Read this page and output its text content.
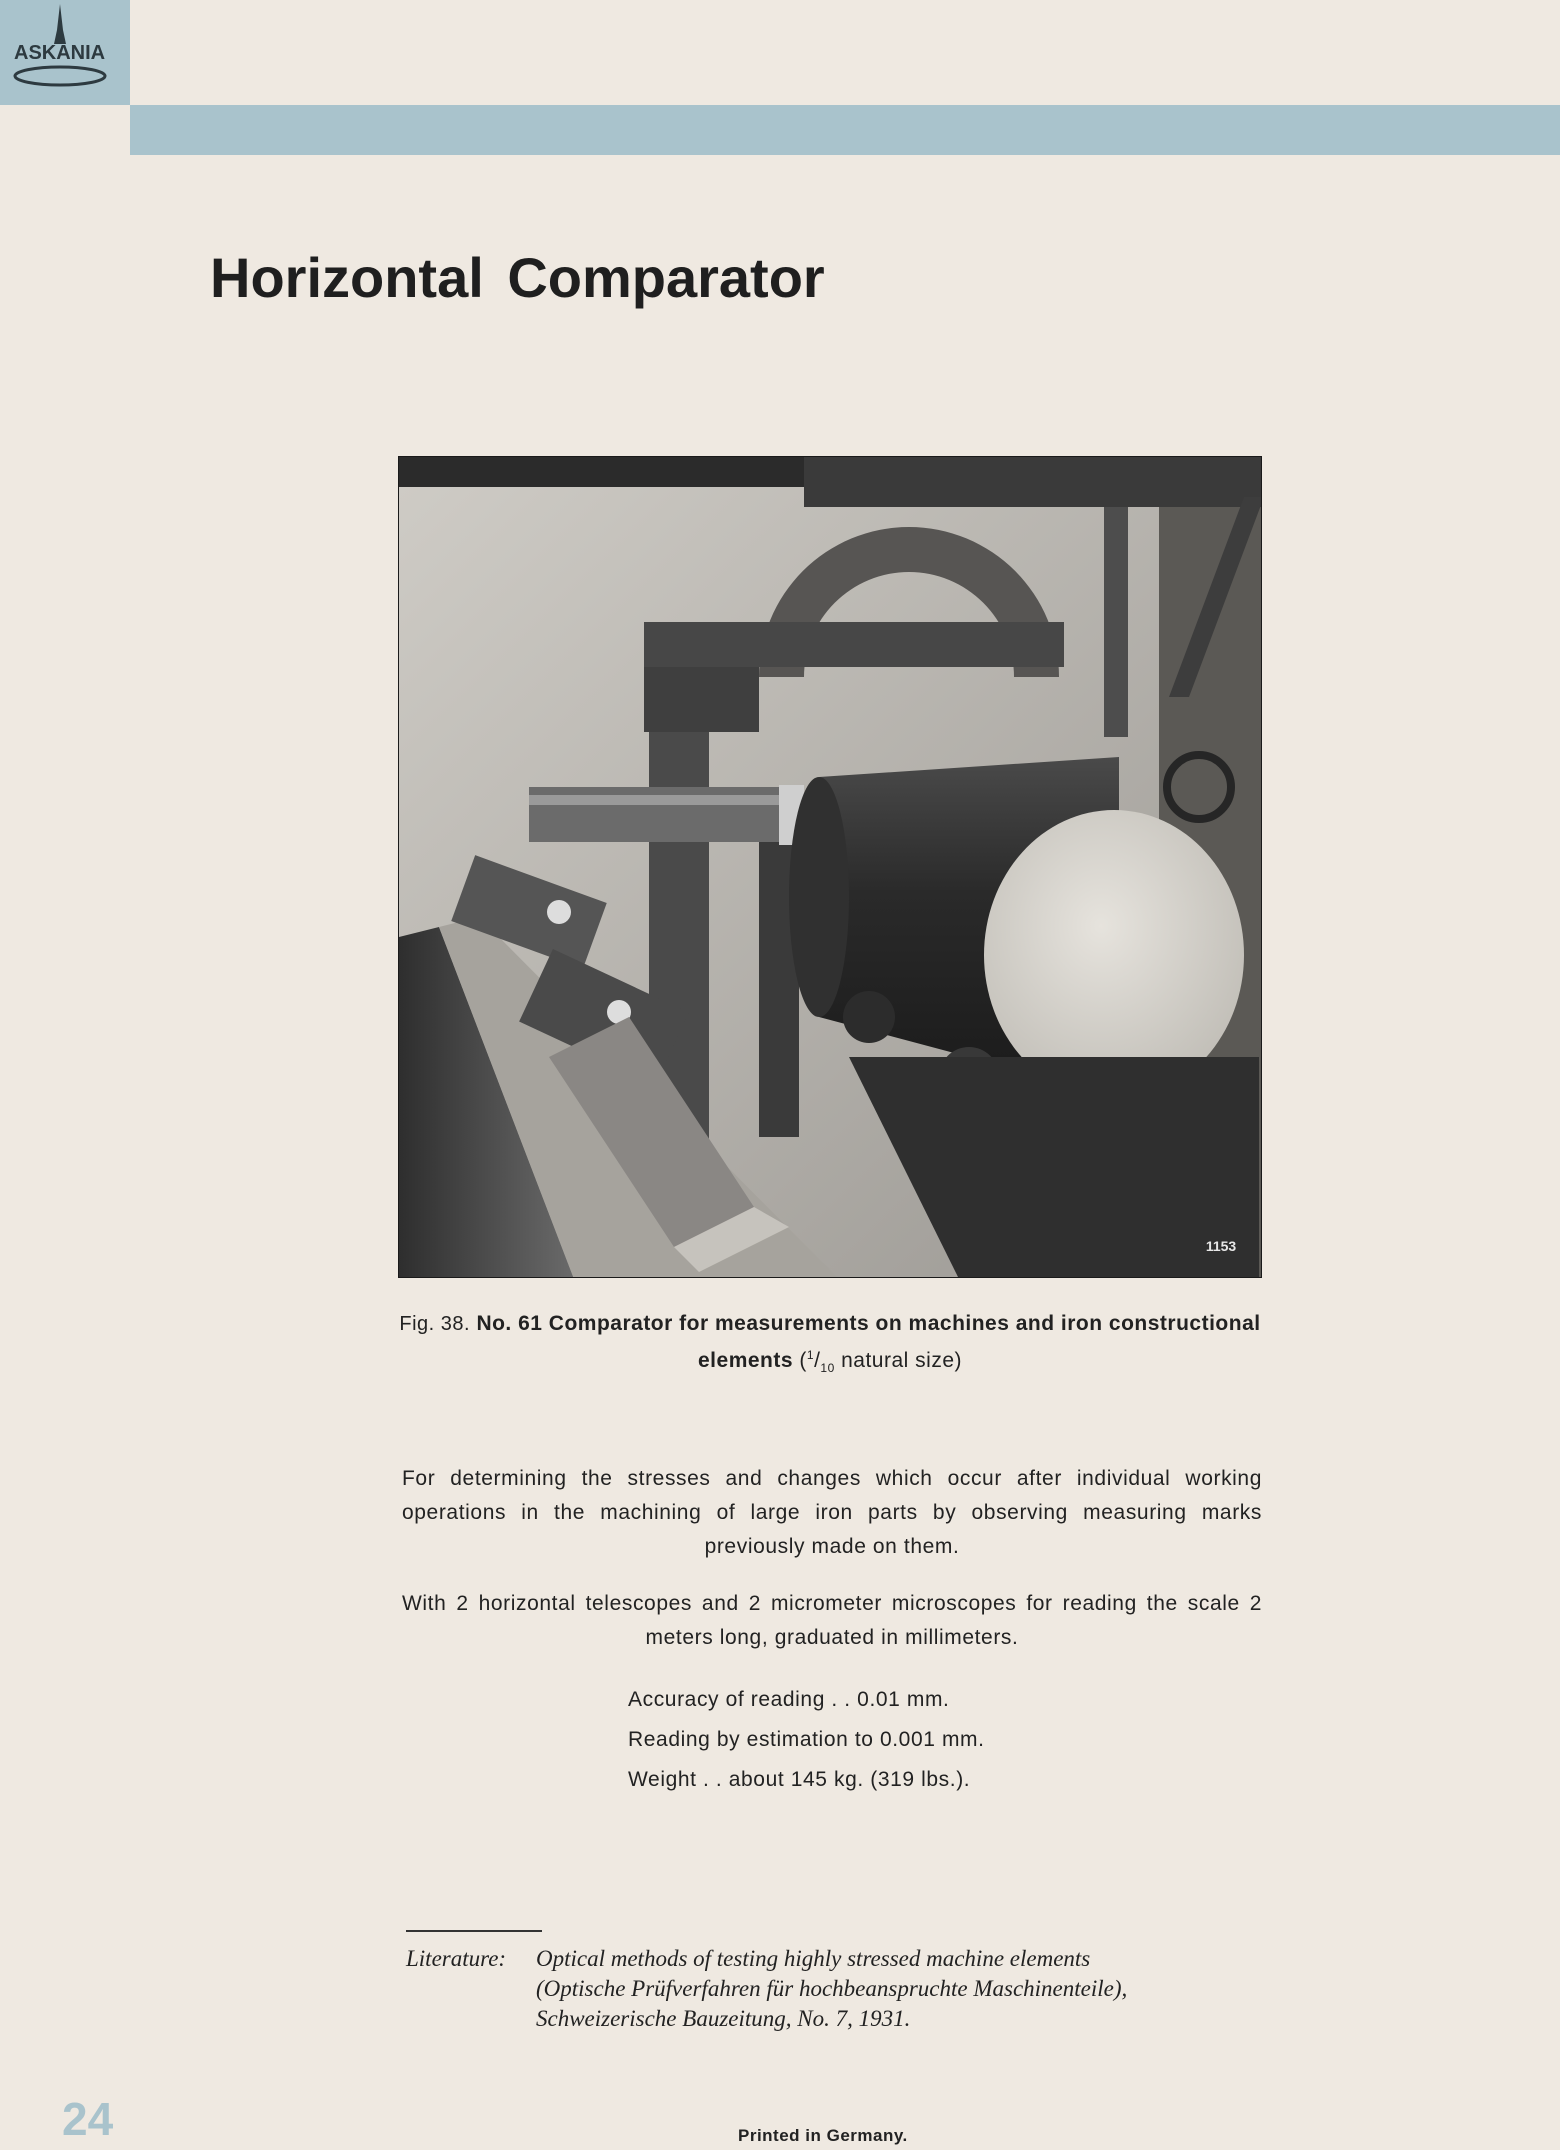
ASKANIA
Horizontal Comparator
1153
Fig. 38. No. 61 Comparator for measurements on machines and iron constructional elements ($^1/_{10}$ natural size)

For determining the stresses and changes which occur after individual working operations in the machining of large iron parts by observing measuring marks previously made on them.

With 2 horizontal telescopes and 2 micrometer microscopes for reading the scale 2 meters long, graduated in millimeters.

Accuracy of reading . . 0.01 mm.
Reading by estimation to 0.001 mm.
Weight . . about 145 kg. (319 lbs.).
Literature: Optical methods of testing highly stressed machine elements
(Optische Prüfverfahren für hochbeanspruchte Maschinenteile),
Schweizerische Bauzeitung, No. 7, 1931.
24	Printed in Germany.
